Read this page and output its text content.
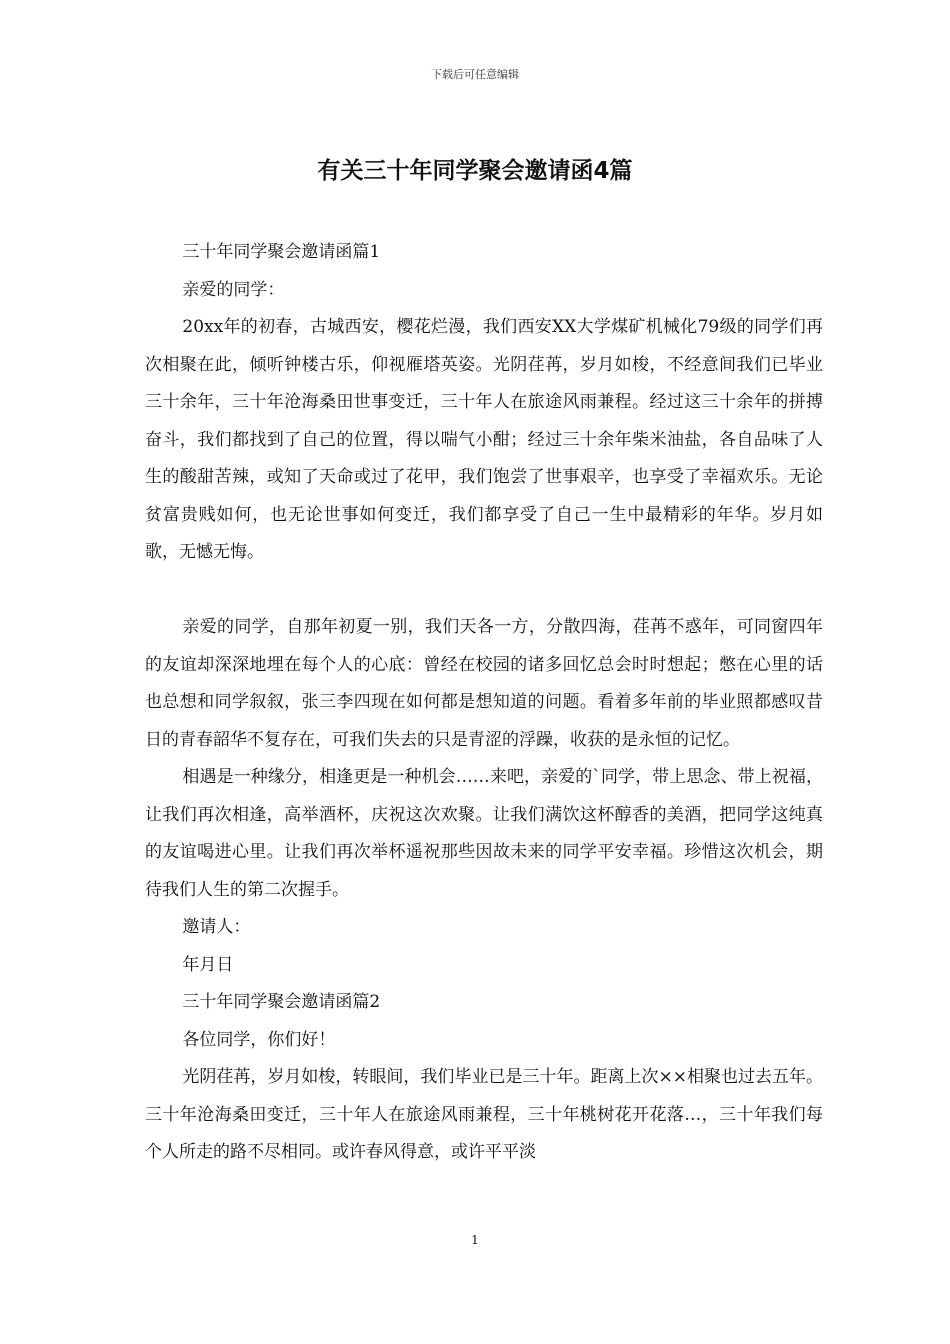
下载后可任意编辑
有关三十年同学聚会邀请函4篇

三十年同学聚会邀请函篇1

亲爱的同学：

20xx年的初春，古城西安，樱花烂漫，我们西安XX大学煤矿机械化79级的同学们再次相聚在此，倾听钟楼古乐，仰视雁塔英姿。光阴荏苒，岁月如梭，不经意间我们已毕业三十余年，三十年沧海桑田世事变迁，三十年人在旅途风雨兼程。经过这三十余年的拼搏奋斗，我们都找到了自己的位置，得以喘气小酣；经过三十余年柴米油盐，各自品味了人生的酸甜苦辣，或知了天命或过了花甲，我们饱尝了世事艰辛，也享受了幸福欢乐。无论贫富贵贱如何，也无论世事如何变迁，我们都享受了自己一生中最精彩的年华。岁月如歌，无憾无悔。

亲爱的同学，自那年初夏一别，我们天各一方，分散四海，荏苒不惑年，可同窗四年的友谊却深深地埋在每个人的心底：曾经在校园的诸多回忆总会时时想起；憋在心里的话也总想和同学叙叙，张三李四现在如何都是想知道的问题。看着多年前的毕业照都感叹昔日的青春韶华不复存在，可我们失去的只是青涩的浮躁，收获的是永恒的记忆。

相遇是一种缘分，相逢更是一种机会……来吧，亲爱的`同学，带上思念、带上祝福，让我们再次相逢，高举酒杯，庆祝这次欢聚。让我们满饮这杯醇香的美酒，把同学这纯真的友谊喝进心里。让我们再次举杯遥祝那些因故未来的同学平安幸福。珍惜这次机会，期待我们人生的第二次握手。

邀请人：

年月日

三十年同学聚会邀请函篇2

各位同学，你们好！

光阴荏苒，岁月如梭，转眼间，我们毕业已是三十年。距离上次××相聚也过去五年。三十年沧海桑田变迁，三十年人在旅途风雨兼程，三十年桃树花开花落…，三十年我们每个人所走的路不尽相同。或许春风得意，或许平平淡

1
